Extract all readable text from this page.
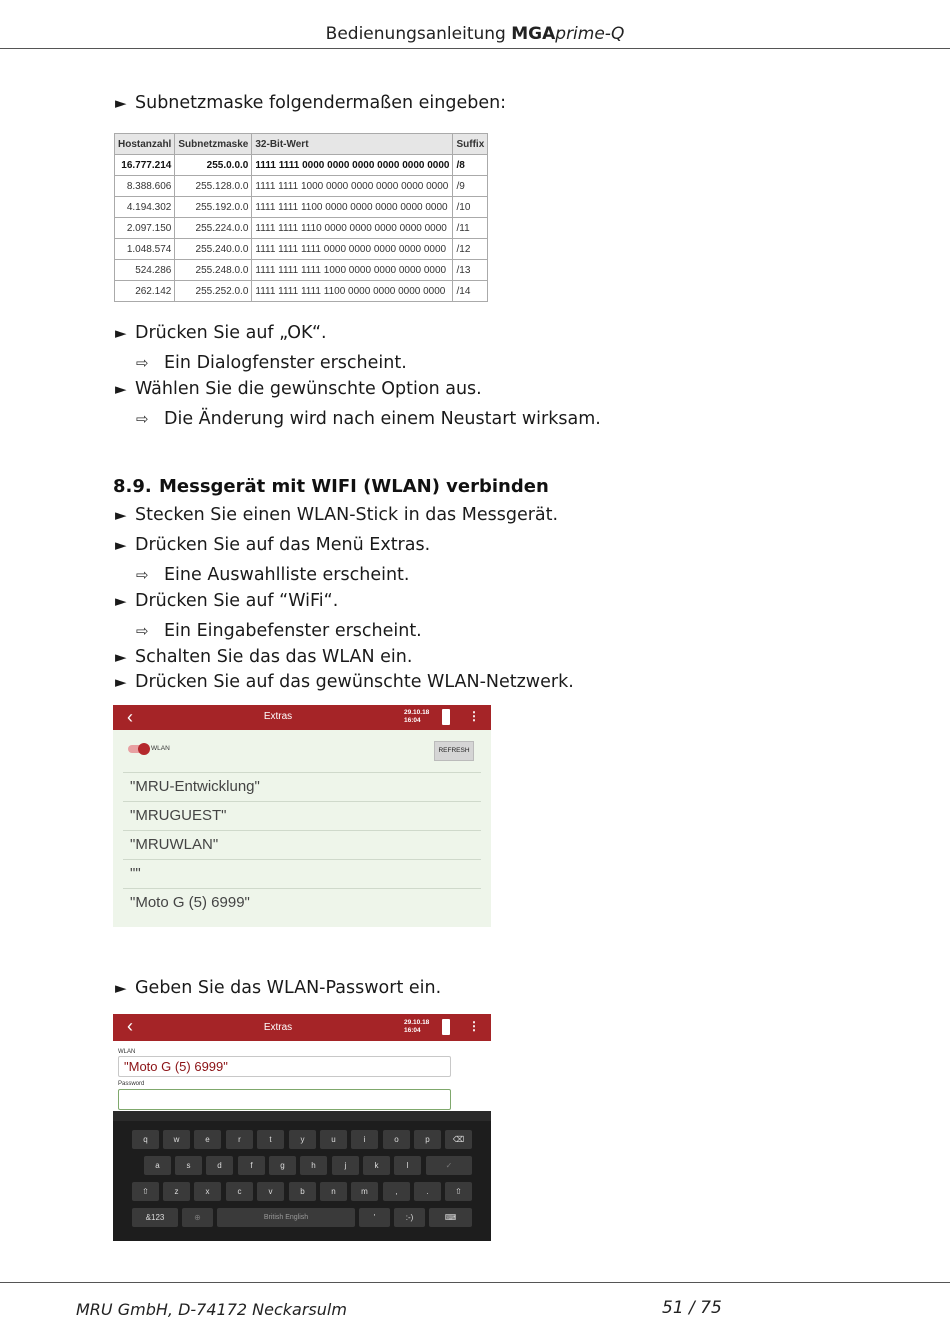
Bedienungsanleitung MGAprime-Q
► Subnetzmaske folgendermaßen eingeben:
Hostanzahl	Subnetzmaske	32-Bit-Wert	Suffix
16.777.214	255.0.0.0	1111 1111 0000 0000 0000 0000 0000 0000	/8
8.388.606	255.128.0.0	1111 1111 1000 0000 0000 0000 0000 0000	/9
4.194.302	255.192.0.0	1111 1111 1100 0000 0000 0000 0000 0000	/10
2.097.150	255.224.0.0	1111 1111 1110 0000 0000 0000 0000 0000	/11
1.048.574	255.240.0.0	1111 1111 1111 0000 0000 0000 0000 0000	/12
524.286	255.248.0.0	1111 1111 1111 1000 0000 0000 0000 0000	/13
262.142	255.252.0.0	1111 1111 1111 1100 0000 0000 0000 0000	/14
► Drücken Sie auf „OK“.
⇨ Ein Dialogfenster erscheint.
► Wählen Sie die gewünschte Option aus.
⇨ Die Änderung wird nach einem Neustart wirksam.
8.9. Messgerät mit WIFI (WLAN) verbinden
► Stecken Sie einen WLAN-Stick in das Messgerät.
► Drücken Sie auf das Menü Extras.
⇨ Eine Auswahlliste erscheint.
► Drücken Sie auf “WiFi“.
⇨ Ein Eingabefenster erscheint.
► Schalten Sie das das WLAN ein.
► Drücken Sie auf das gewünschte WLAN-Netzwerk.
‹	Extras	29.10.18
16:04	⋮
WLAN	REFRESH
"MRU-Entwicklung"
"MRUGUEST"
"MRUWLAN"
""
"Moto G (5) 6999"
► Geben Sie das WLAN-Passwort ein.
‹	Extras	29.10.18
16:04	⋮
WLAN
"Moto G (5) 6999"
Password
q	w	e	r	t	y	u	i	o	p	⌫
a	s	d	f	g	h	j	k	l	✓
⇧	z	x	c	v	b	n	m	,	.	⇧
&123	⊕	British English	'	:-)	⌨
MRU GmbH, D-74172 Neckarsulm	51 / 75
